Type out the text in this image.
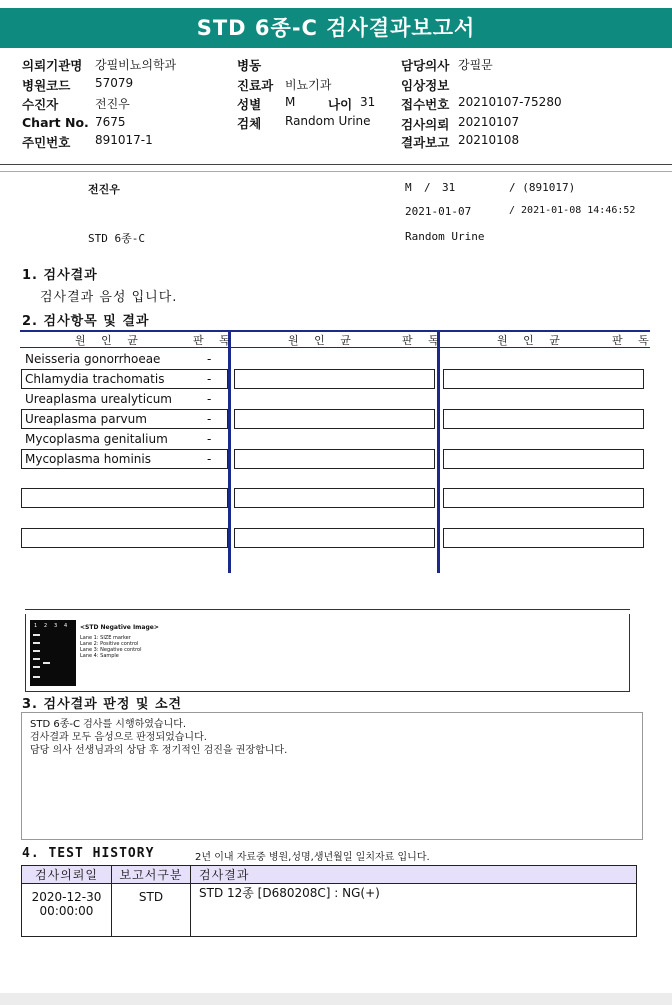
STD 6종-C 검사결과보고서
의뢰기관명 강필비뇨의학과
병원코드 57079
수진자	전진우
Chart No. 7675
주민번호 891017-1
병동
진료과 비뇨기과
성별 M	나이 31
검체 Random Urine
담당의사 강필문
임상정보
접수번호 20210107-75280
검사의뢰 20210107
결과보고 20210108
전진우	M / 31	/ (891017)
2021-01-07	/ 2021-01-08 14:46:52
STD 6종-C	Random Urine
1. 검사결과
검사결과 음성 입니다.
2. 검사항목 및 결과
원 인 균	판 독	원 인 균	판 독	원 인 균	판 독
Neisseria gonorrhoeae	-
Chlamydia trachomatis	-
Ureaplasma urealyticum	-
Ureaplasma parvum	-
Mycoplasma genitalium	-
Mycoplasma hominis	-
1 2 3 4 <STD Negative Image>
Lane 1: SIZE marker
Lane 2: Positive control
Lane 3: Negative control
Lane 4: Sample
3. 검사결과 판정 및 소견
STD 6종-C 검사를 시행하였습니다.
검사결과 모두 음성으로 판정되었습니다.
담당 의사 선생님과의 상담 후 정기적인 검진을 권장합니다.
4. TEST HISTORY	2년 이내 자료중 병원,성명,생년월일 일치자료 입니다.
검사의뢰일	보고서구분	검사결과

2020-12-30
00:00:00	STD	STD 12종 [D680208C] : NG(+)
